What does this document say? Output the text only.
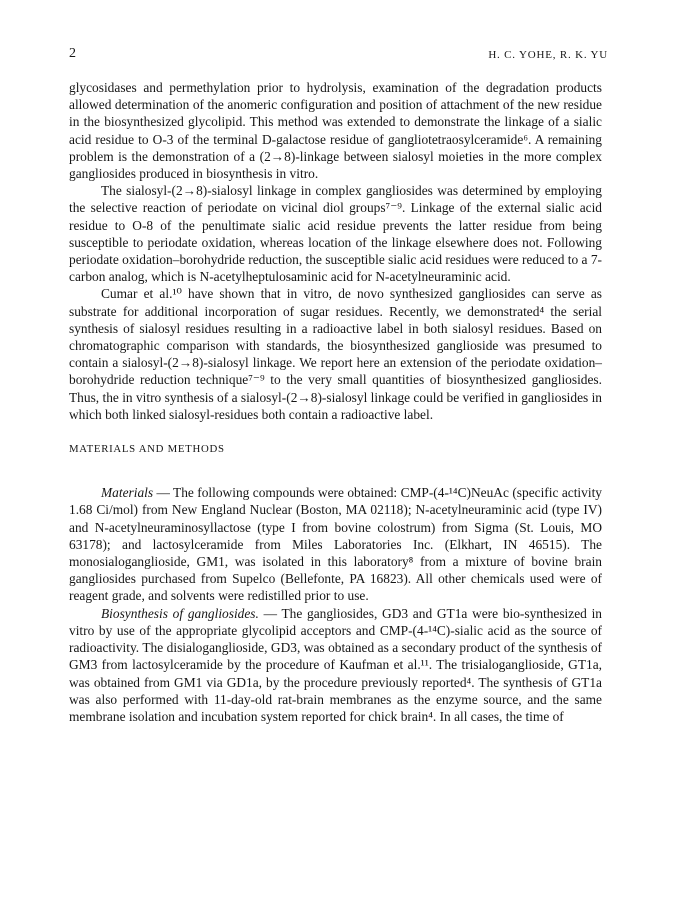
2	H. C. YOHE, R. K. YU

glycosidases and permethylation prior to hydrolysis, examination of the degradation products allowed determination of the anomeric configuration and position of attachment of the new residue in the biosynthesized glycolipid. This method was extended to demonstrate the linkage of a sialic acid residue to O-3 of the terminal D-galactose residue of gangliotetraosylceramide⁶. A remaining problem is the demonstration of a (2→8)-linkage between sialosyl moieties in the more complex gangliosides produced in biosynthesis in vitro.

The sialosyl-(2→8)-sialosyl linkage in complex gangliosides was determined by employing the selective reaction of periodate on vicinal diol groups⁷⁻⁹. Linkage of the external sialic acid residue to O-8 of the penultimate sialic acid residue prevents the latter residue from being susceptible to periodate oxidation, whereas location of the linkage elsewhere does not. Following periodate oxidation–borohydride reduction, the susceptible sialic acid residues were reduced to a 7-carbon analog, which is N-acetylheptulosaminic acid for N-acetylneuraminic acid.

Cumar et al.¹⁰ have shown that in vitro, de novo synthesized gangliosides can serve as substrate for additional incorporation of sugar residues. Recently, we demonstrated⁴ the serial synthesis of sialosyl residues resulting in a radioactive label in both sialosyl residues. Based on chromatographic comparison with standards, the biosynthesized ganglioside was presumed to contain a sialosyl-(2→8)-sialosyl linkage. We report here an extension of the periodate oxidation–borohydride reduction technique⁷⁻⁹ to the very small quantities of biosynthesized gangliosides. Thus, the in vitro synthesis of a sialosyl-(2→8)-sialosyl linkage could be verified in gangliosides in which both linked sialosyl-residues both contain a radioactive label.

MATERIALS AND METHODS

Materials — The following compounds were obtained: CMP-(4-¹⁴C)NeuAc (specific activity 1.68 Ci/mol) from New England Nuclear (Boston, MA 02118); N-acetylneuraminic acid (type IV) and N-acetylneuraminosyllactose (type I from bovine colostrum) from Sigma (St. Louis, MO 63178); and lactosylceramide from Miles Laboratories Inc. (Elkhart, IN 46515). The monosialoganglioside, GM1, was isolated in this laboratory⁸ from a mixture of bovine brain gangliosides purchased from Supelco (Bellefonte, PA 16823). All other chemicals used were of reagent grade, and solvents were redistilled prior to use.

Biosynthesis of gangliosides. — The gangliosides, GD3 and GT1a were bio-synthesized in vitro by use of the appropriate glycolipid acceptors and CMP-(4-¹⁴C)-sialic acid as the source of radioactivity. The disialoganglioside, GD3, was obtained as a secondary product of the synthesis of GM3 from lactosylceramide by the procedure of Kaufman et al.¹¹. The trisialoganglioside, GT1a, was obtained from GM1 via GD1a, by the procedure previously reported⁴. The synthesis of GT1a was also performed with 11-day-old rat-brain membranes as the enzyme source, and the same membrane isolation and incubation system reported for chick brain⁴. In all cases, the time of
